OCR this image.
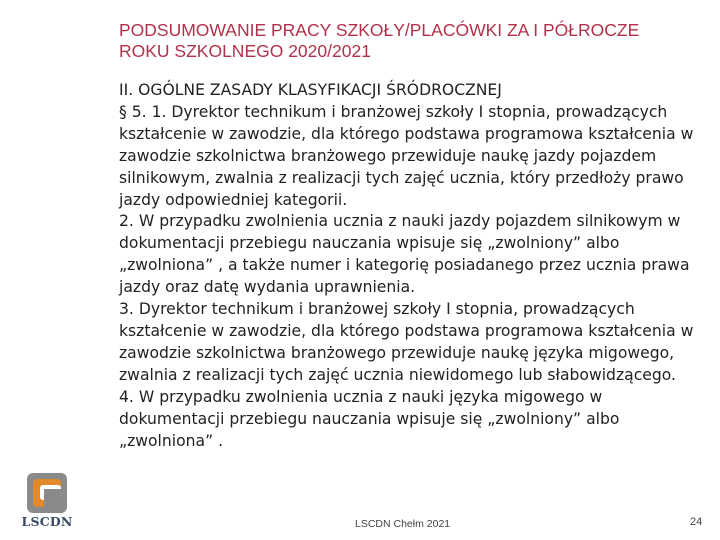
LSCDN
PODSUMOWANIE PRACY SZKOŁY/PLACÓWKI ZA I PÓŁROCZE ROKU SZKOLNEGO 2020/2021

II. OGÓLNE ZASADY KLASYFIKACJI ŚRÓDROCZNEJ

§ 5. 1. Dyrektor technikum i branżowej szkoły I stopnia, prowadzących kształcenie w zawodzie, dla którego podstawa programowa kształcenia w zawodzie szkolnictwa branżowego przewiduje naukę jazdy pojazdem silnikowym, zwalnia z realizacji tych zajęć ucznia, który przedłoży prawo jazdy odpowiedniej kategorii.

2. W przypadku zwolnienia ucznia z nauki jazdy pojazdem silnikowym w dokumentacji przebiegu nauczania wpisuje się „zwolniony” albo „zwolniona” , a także numer i kategorię posiadanego przez ucznia prawa jazdy oraz datę wydania uprawnienia.

3. Dyrektor technikum i branżowej szkoły I stopnia, prowadzących kształcenie w zawodzie, dla którego podstawa programowa kształcenia w zawodzie szkolnictwa branżowego przewiduje naukę języka migowego, zwalnia z realizacji tych zajęć ucznia niewidomego lub słabowidzącego.

4. W przypadku zwolnienia ucznia z nauki języka migowego w dokumentacji przebiegu nauczania wpisuje się „zwolniony” albo „zwolniona” .

LSCDN Chełm 2021	24
